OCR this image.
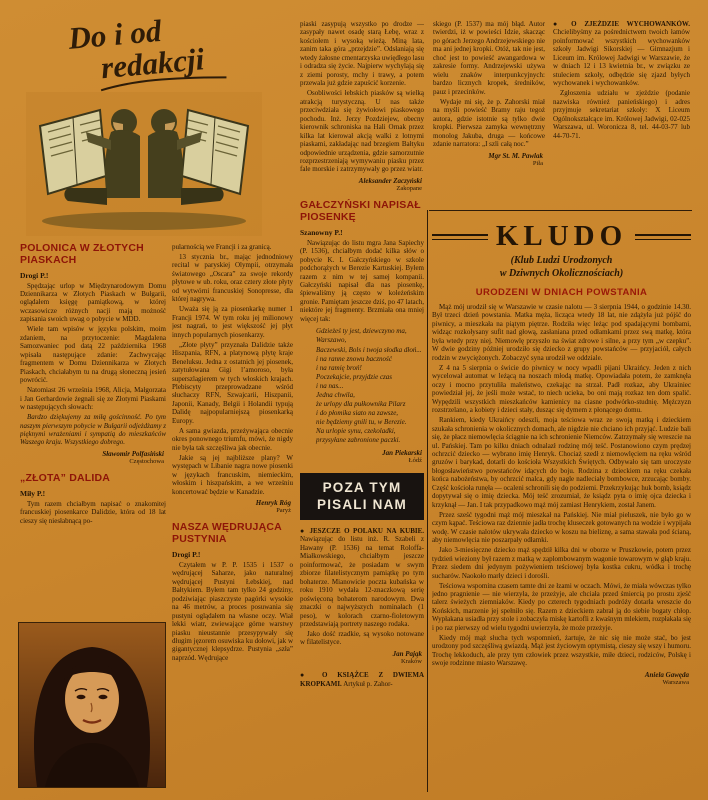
Do i od
redakcji
POLONICA W ZŁOTYCH PIASKACH

Drogi P.!

Spędzając urlop w Międzynarodowym Domu Dziennikarza w Złotych Piaskach w Bułgarii, oglądałem księgę pamiątkową, w której wczasowicze różnych nacji mają możność zapisania swoich uwag o pobycie w MDD.

Wiele tam wpisów w języku polskim, moim zdaniem, na przytoczenie: Magdalena Samozwaniec pod datą 22 października 1968 wpisała następujące zdanie: Zachwycając fragmentem w Domu Dziennikarza w Złotych Piaskach, chciałabym tu na drugą słoneczną jesień powrócić.

Natomiast 26 września 1968, Alicja, Małgorzata i Jan Gerhardowie żegnali się ze Złotymi Piaskami w następujących słowach:

Bardzo dziękujemy za miłą gościnność. Po tym naszym pierwszym pobycie w Bułgarii odjeżdżamy z pięknymi wrażeniami i sympatią do mieszkańców Waszego kraju. Wszystkiego dobrego.

Sławomir Polfasiński
Częstochowa
„ZŁOTA” DALIDA

Miły P.!

Tym razem chciałbym napisać o znakomitej francuskiej piosenkarce Dalidzie, która od 18 lat cieszy się niesłabnącą po-

pularnością we Francji i za granicą.

13 stycznia br., mając jednodniowy recital w paryskiej Olympii, otrzymała światowego „Oscara” za swoje rekordy płytowe w ub. roku, oraz cztery złote płyty od wytwórni francuskiej Sonopresse, dla której nagrywa.

Uważa się ją za piosenkarkę numer 1 Francji 1974. W tym roku jej milionowy jest nagrań, to jest większość jej płyt innych popularnych piosenkarzy.

„Złote płyty” przyznała Dalidzie także Hiszpania, RFN, a platynową płytę kraje Beneluksu. Jedna z ostatnich jej piosenek, zatytułowana Gigi l’amoroso, była superszlagierem w tych włoskich krajach. Plebiscyty przeprowadzane wśród słuchaczy RFN, Szwajcarii, Hiszpanii, Japonii, Kanady, Belgii i Holandii typują Dalidę najpopularniejszą piosenkarką Europy.

A sama gwiazda, przeżywająca obecnie okres ponownego triumfu, mówi, że nigdy nie była tak szczęśliwa jak obecnie.

Jakie są jej najbliższe plany? W występach w Libanie nagra nowe piosenki w językach francuskim, niemieckim, włoskim i hiszpańskim, a we wrześniu koncertować będzie w Kanadzie.

Henryk Róg
Paryż
NASZA WĘDRUJĄCA PUSTYNIA

Drogi P.!

Czytałem w P. P. 1535 i 1537 o wędrującej Saharze, jako naturalnej wędrującej Pustyni Łebskiej, nad Bałtykiem. Byłem tam tylko 24 godziny, podziwiając piaszczyste pagórki wysokie na 46 metrów, a proces posuwania się pustyni oglądałem na własne oczy. Wiał lekki wiatr, zwiewające górne warstwy piasku nieustannie przesypywały się długim jęzorem osuwiska ku dołowi, jak w gigantycznej klepsydrze. Pustynia „szła” naprzód. Wędrujące

piaski zasypują wszystko po drodze — zasypały nawet osadę starą Łebę, wraz z kościołem i wysoką wieżą. Miną lata, zanim taka góra „przejdzie”. Odsłaniają się wtedy żałosne cmentarzyska uwiędłego lasu i odradza się życie. Najpierw wychylają się z ziemi porosty, mchy i trawy, a potem przewala już gdzie zapuścić korzenie.

Osobliwości łebskich piasków są wielką atrakcją turystyczną. U nas także przeciwdziała się żywiołowi piaskowego pochodu. Inż. Jerzy Pozdziejew, obecny kierownik schroniska na Hali Ornak przez kilka lat kierował akcją walki z lotnymi piaskami, zakładając nad brzegiem Bałtyku odpowiednie urządzenia, gdzie samorzutnie rozprzestrzeniają wymywaniu piasku przez fale morskie i zatrzymywały go przez wiatr.

Aleksander Zaczyński
Zakopane
GAŁCZYŃSKI NAPISAŁ PIOSENKĘ

Szanowny P.!

Nawiązując do listu mgra Jana Sapiechy (P. 1536), chciałbym dodać kilka słów o pobycie K. I. Gałczyńskiego w szkole podchorążych w Berezie Kartuskiej. Byłem razem z nim w tej samej kompanii. Gałczyński napisał dla nas piosenkę, śpiewaliśmy ją często w koleżeńskim gronie. Pamiętam jeszcze dziś, po 47 latach, niektóre jej fragmenty. Brzmiała ona mniej więcej tak:

Gdzieżeś ty jest, dziewczyno ma,
Warszawo,
Baczewski, Bols i twoja słodka dłoń...
i na ranne znowu baczność
i na ramię broń!
Poczekajcie, przyjdzie czas
i na nas...
Jedna chwila,
że urlopy dla pułkownika Pilarz
i do płomika siato na zawsze,
nie będziemy gnili tu, w Berezie.
Na urlopie synu, czekoladki,
przysyłane zabronione paczki.
Jan Piekarski
Łódź
POZA TYM
PISALI NAM

● JESZCZE O POLAKU NA KUBIE. Nawiązując do listu inż. R. Szabeli z Hawany (P. 1536) na temat Roloffa-Miałkowskiego, chciałbym jeszcze poinformować, że posiadam w swym zbiorze filatelistycznym pamiątkę po tym bohaterze. Mianowicie poczta kubańska w roku 1910 wydała 12-znaczkową serię poświęconą bohaterom narodowym. Dwa znaczki o najwyższych nominałach (1 peso), w kolorach czarno-fioletowym przedstawiają portrety naszego rodaka.

Jako dość rzadkie, są wysoko notowane w filatelistyce.

Jan Pająk
Kraków

● O KSIĄŻCE Z DWIEMA KROPKAMI. Artykuł p. Zahor-

skiego (P. 1537) ma mój błąd. Autor twierdzi, iż w powieści Idzie, skacząc po górach Jerzego Andrzejewskiego nie ma ani jednej kropki. Otóż, tak nie jest, choć jest to powieść awangardowa w zakresie formy. Andrzejewski używa wielu znaków interpunkcyjnych: bardzo licznych kropek, średników, pauz i przecinków.

Wydaje mi się, że p. Zahorski miał na myśli powieść Bramy raju tegoż autora, gdzie istotnie są tylko dwie kropki. Pierwsza zamyka wewnętrzny monolog Jakuba, druga — końcowe zdanie narratora: „I szli całą noc.”

Mgr St. M. Pawlak
Piła

● O ZJEŹDZIE WYCHOWANKÓW. Chcielibyśmy za pośrednictwem twoich łamów poinformować wszystkich wychowanków szkoły Jadwigi Sikorskiej — Gimnazjum i Liceum im. Królowej Jadwigi w Warszawie, że w dniach 12 i 13 kwietnia br., w związku ze stuleciem szkoły, odbędzie się zjazd byłych wychowanek i wychowanków.

Zgłoszenia udziału w zjeździe (podanie nazwiska również panieńskiego) i adres przyjmuje sekretariat szkoły: X Liceum Ogólnokształcące im. Królowej Jadwigi, 02-025 Warszawa, ul. Woronicza 8, tel. 44-03-77 lub 44-70-71.

KLUDO
(Klub Ludzi Urodzonych
w Dziwnych Okolicznościach)
URODZENI W DNIACH POWSTANIA

Mąż mój urodził się w Warszawie w czasie nalotu — 3 sierpnia 1944, o godzinie 14.30. Był trzeci dzień powstania. Matka męża, licząca wtedy 18 lat, nie zdążyła już pójść do piwnicy, a mieszkała na piątym piętrze. Rodziła więc leżąc pod spadającymi bombami, widząc rozkołysany sufit nad głową, zasłaniana przed odłamkami przez swą matkę, która była wtedy przy niej. Niemowlę przyszło na świat zdrowe i silne, a przy tym „w czepku”. W dwie godziny później urodziło się dziecko z grupy powstańców — przyjaciół, całych rodzin w zwyciężonych. Zobaczyć syna urodził we oddziale.

Z 4 na 5 sierpnia o świcie do piwnicy w nocy wpadli pijani Ukraińcy. Jeden z nich wycelował automat w leżącą na noszach młodą matkę. Opowiadała potem, że zamknęła oczy i mocno przytuliła maleństwo, czekając na strzał. Padł rozkaz, aby Ukrainiec powiedział jej, że jeśli może wstać, to niech ucieka, bo oni mają rozkaz ten dom spalić. Wypędzili wszystkich mieszkańców kamienicy na ciasne podwórko-studnię. Mężczyzn rozstrzelano, a kobiety i dzieci stały, dusząc się dymem z płonącego domu.

Rankiem, kiedy Ukraińcy odeszli, moja teściowa wraz ze swoją matką i dzieckiem szukała schronienia w okolicznych domach, ale nigdzie nie chciano ich przyjąć. Ludzie bali się, że płacz niemowlęcia ściągnie na ich schronienie Niemców. Zatrzymały się wreszcie na ul. Pańskiej. Tam po kilku dniach odnalazł rodzinę mój teść. Postanowiono czym prędzej ochrzcić dziecko — wybrano imię Henryk. Chociaż szedł z niemowlęciem na ręku wśród gruzów i barykad, dotarli do kościoła Wszystkich Świętych. Odbywało się tam uroczyste błogosławieństwo powstańców idących do boju. Rodzina z dzieckiem na ręku czekała końca nabożeństwa, by ochrzcić malca, gdy nagle nadleciały bombowce, zrzucając bomby. Część kościoła runęła — ocaleni schronili się do podziemi. Przekrzykując huk bomb, ksiądz dopytywał się o imię dziecka. Mój teść zrozumiał, że ksiądz pyta o imię ojca dziecka i krzyknął — Jan. I tak przypadkowo mąż mój zamiast Henrykiem, został Janem.

Przez sześć tygodni mąż mój mieszkał na Pańskiej. Nie miał pieluszek, nie było go w czym kąpać. Teściowa raz dziennie jadła trochę kluseczek gotowanych na wodzie i wypijała wodę. W czasie nalotów ukrywała dziecko w koszu na bieliznę, a sama stawała pod ścianą, aby niemowlęcia nie poszarpały odłamki.

Jako 3-miesięczne dziecko mąż spędził kilka dni w oborze w Pruszkowie, potem przez tydzień wieziony był razem z matką w zaplombowanym wagonie towarowym w głąb kraju. Przez siedem dni jedynym pożywieniem teściowej była kostka cukru, wódka i trochę sucharów. Naokoło marły dzieci i dorośli.

Teściowa wspomina czasem tamte dni ze łzami w oczach. Mówi, że miała wówczas tylko jedno pragnienie — nie wierzyła, że przeżyje, ale chciała przed śmiercią po prostu zjeść talerz świeżych ziemniaków. Kiedy po czterech tygodniach podróży dotarła wreszcie do Końskich, marzenie jej spełniło się. Razem z dzieckiem zabrał ją do siebie bogaty chłop. Wypłakana usiadła przy stole i zobaczyła miskę kartofli z kwaśnym mlekiem, rozpłakała się i po raz pierwszy od wielu tygodni uwierzyła, że może przeżyje.

Kiedy mój mąż słucha tych wspomnień, żartuje, że nic się nie może stać, bo jest urodzony pod szczęśliwą gwiazdą. Mąż jest życiowym optymistą, cieszy się wszy i humoru. Trochę lekkoduch, ale przy tym człowiek przez wszystkie, miłe dzieci, rodziców, Polskę i swoje rodzinne miasto Warszawę.

Aniela Gawęda
Warszawa
